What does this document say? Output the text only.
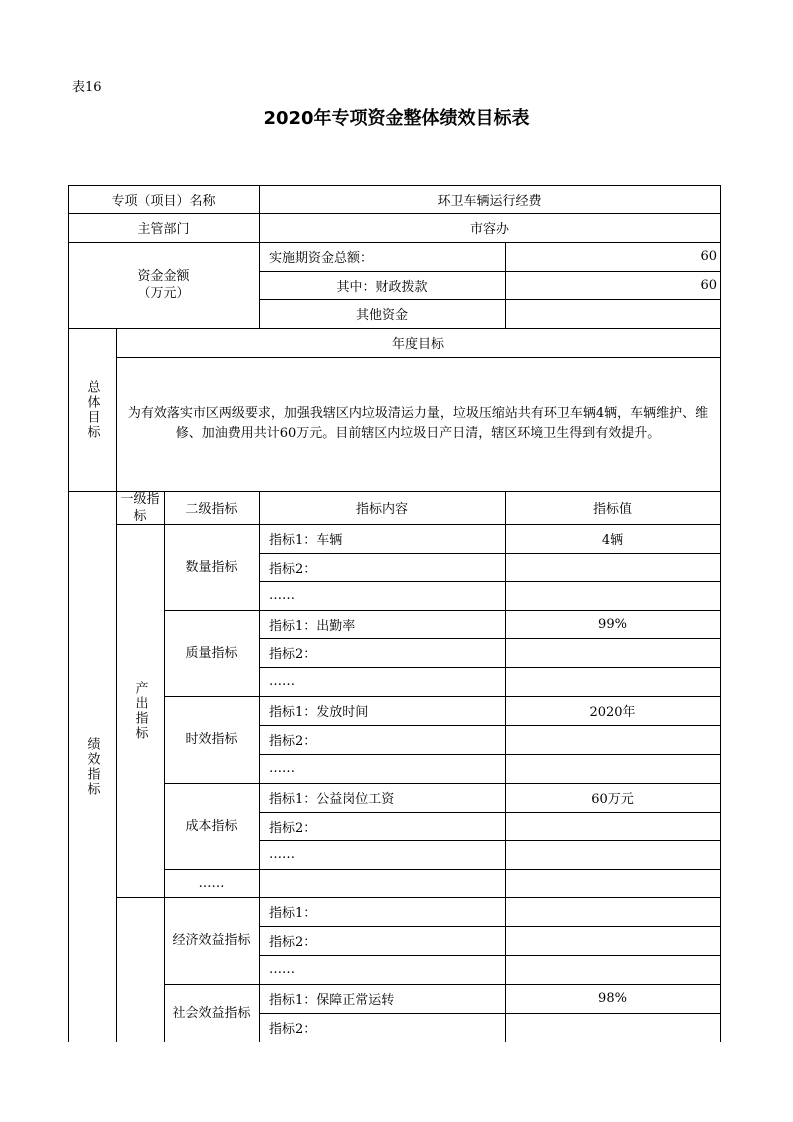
表16
2020年专项资金整体绩效目标表
专项（项目）名称	环卫车辆运行经费
主管部门	市容办
资金金额
（万元）
实施期资金总额：	60
其中：财政拨款	60
其他资金
总体目标
年度目标
为有效落实市区两级要求，加强我辖区内垃圾清运力量，垃圾压缩站共有环卫车辆4辆，车辆维护、维修、加油费用共计60万元。目前辖区内垃圾日产日清，辖区环境卫生得到有效提升。
一级指标	二级指标	指标内容	指标值
绩效指标
产出指标
数量指标
指标1：车辆	4辆
指标2：
……
质量指标
指标1：出勤率	99%
指标2：
……
时效指标
指标1：发放时间	2020年
指标2：
……
成本指标
指标1：公益岗位工资	60万元
指标2：
……
……
经济效益指标
指标1：
指标2：
……
社会效益指标
指标1：保障正常运转	98%
指标2：
